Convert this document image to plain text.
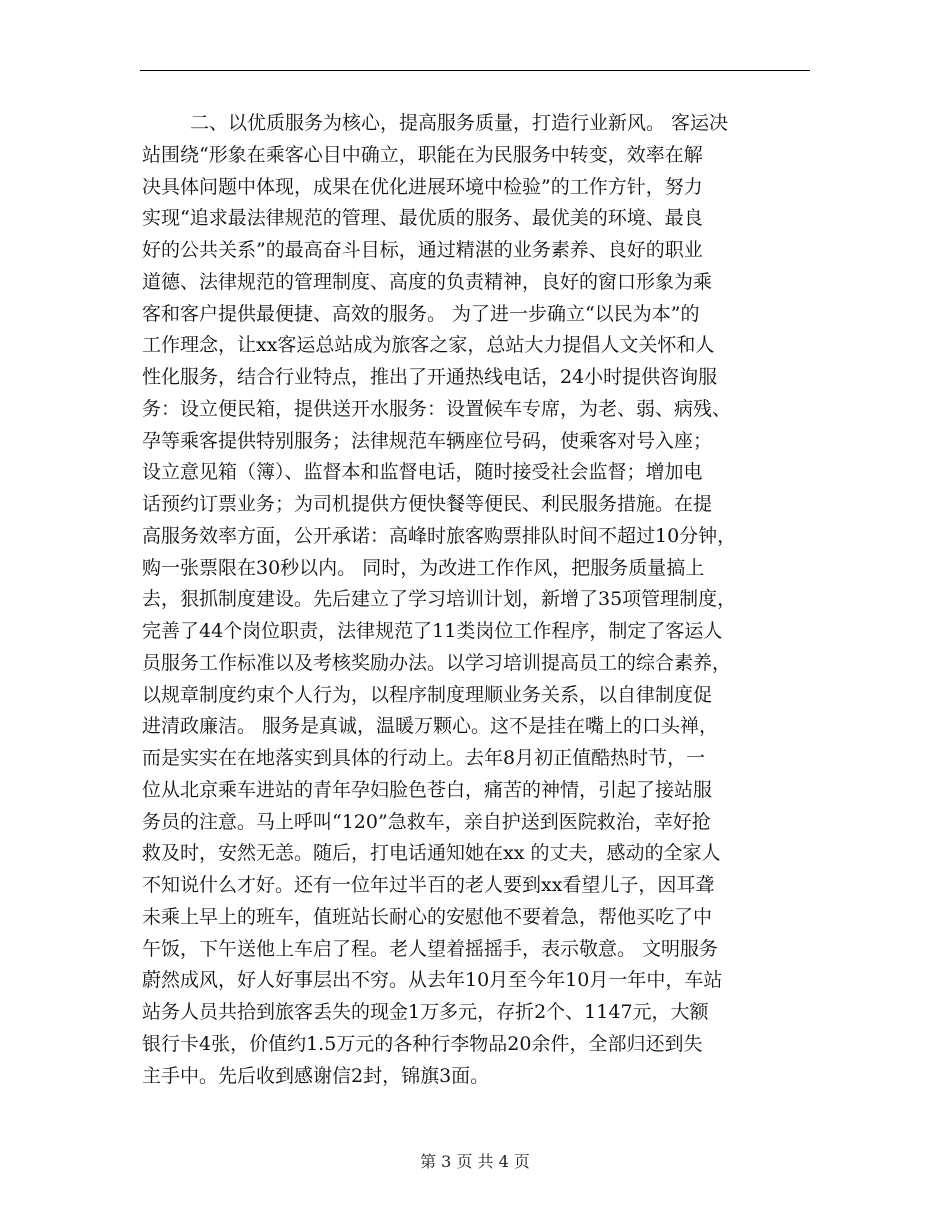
二、以优质服务为核心，提高服务质量，打造行业新风。 客运决
站围绕“形象在乘客心目中确立，职能在为民服务中转变，效率在解
决具体问题中体现，成果在优化进展环境中检验”的工作方针，努力
实现“追求最法律规范的管理、最优质的服务、最优美的环境、最良
好的公共关系”的最高奋斗目标，通过精湛的业务素养、良好的职业
道德、法律规范的管理制度、高度的负责精神，良好的窗口形象为乘
客和客户提供最便捷、高效的服务。 为了进一步确立“以民为本”的
工作理念，让xx客运总站成为旅客之家，总站大力提倡人文关怀和人
性化服务，结合行业特点，推出了开通热线电话，24小时提供咨询服
务：设立便民箱，提供送开水服务：设置候车专席，为老、弱、病残、
孕等乘客提供特别服务；法律规范车辆座位号码，使乘客对号入座；
设立意见箱（簿）、监督本和监督电话，随时接受社会监督；增加电
话预约订票业务；为司机提供方便快餐等便民、利民服务措施。在提
高服务效率方面，公开承诺：高峰时旅客购票排队时间不超过10分钟，
购一张票限在30秒以内。 同时，为改进工作作风，把服务质量搞上
去，狠抓制度建设。先后建立了学习培训计划，新增了35项管理制度，
完善了44个岗位职责，法律规范了11类岗位工作程序，制定了客运人
员服务工作标准以及考核奖励办法。以学习培训提高员工的综合素养，
以规章制度约束个人行为，以程序制度理顺业务关系，以自律制度促
进清政廉洁。 服务是真诚，温暖万颗心。这不是挂在嘴上的口头禅，
而是实实在在地落实到具体的行动上。去年8月初正值酷热时节，一
位从北京乘车进站的青年孕妇脸色苍白，痛苦的神情，引起了接站服
务员的注意。马上呼叫“120”急救车，亲自护送到医院救治，幸好抢
救及时，安然无恙。随后，打电话通知她在xx 的丈夫，感动的全家人
不知说什么才好。还有一位年过半百的老人要到xx看望儿子，因耳聋
未乘上早上的班车，值班站长耐心的安慰他不要着急，帮他买吃了中
午饭，下午送他上车启了程。老人望着摇摇手，表示敬意。 文明服务
蔚然成风，好人好事层出不穷。从去年10月至今年10月一年中，车站
站务人员共拾到旅客丢失的现金1万多元，存折2个、1147元，大额
银行卡4张，价值约1.5万元的各种行李物品20余件，全部归还到失
主手中。先后收到感谢信2封，锦旗3面。
第 3 页 共 4 页
